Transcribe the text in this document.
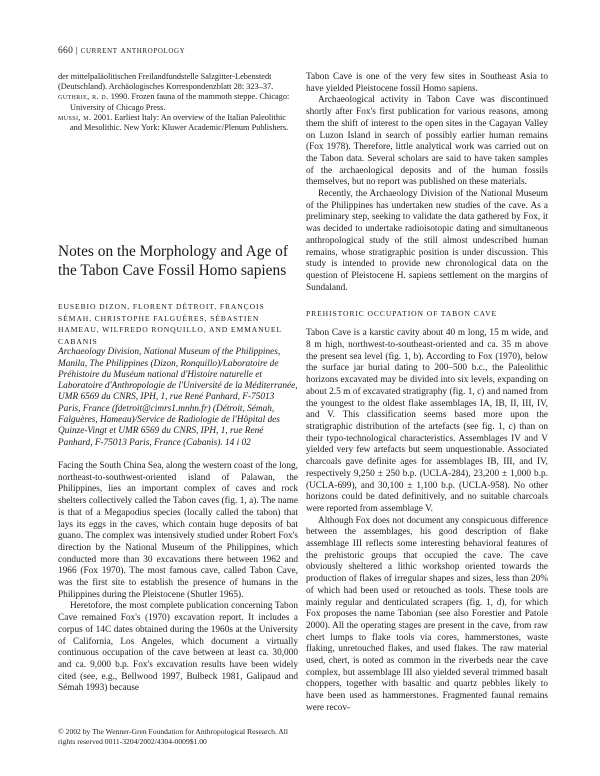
660 | current anthropology

der mittelpaläolitischen Freilandfundstelle Salzgitter-Lebenstedt (Deutschland). Archäologisches Korrespondenzblatt 28: 323–37.

guthrie, r. d. 1990. Frozen fauna of the mammoth steppe. Chicago: University of Chicago Press.

mussi, m. 2001. Earliest Italy: An overview of the Italian Paleolithic and Mesolithic. New York: Kluwer Academic/Plenum Publishers.

Notes on the Morphology and Age of the Tabon Cave Fossil Homo sapiens
EUSEBIO DIZON, FLORENT DÉTROIT, FRANÇOIS SÉMAH, CHRISTOPHE FALGUÈRES, SÉBASTIEN HAMEAU, WILFREDO RONQUILLO, AND EMMANUEL CABANIS
Archaeology Division, National Museum of the Philippines, Manila, The Philippines (Dizon, Ronquillo)/Laboratoire de Préhistoire du Muséum national d'Histoire naturelle et Laboratoire d'Anthropologie de l'Université de la Méditerranée, UMR 6569 du CNRS, IPH, 1, rue René Panhard, F-75013 Paris, France (fdetroit@cimrs1.mnhn.fr) (Détroit, Sémah, Falguères, Hameau)/Service de Radiologie de l'Hôpital des Quinze-Vingt et UMR 6569 du CNRS, IPH, 1, rue René Panhard, F-75013 Paris, France (Cabanis). 14 i 02

Facing the South China Sea, along the western coast of the long, northeast-to-southwest-oriented island of Palawan, the Philippines, lies an important complex of caves and rock shelters collectively called the Tabon caves (fig. 1, a). The name is that of a Megapodius species (locally called the tabon) that lays its eggs in the caves, which contain huge deposits of bat guano. The complex was intensively studied under Robert Fox's direction by the National Museum of the Philippines, which conducted more than 30 excavations there between 1962 and 1966 (Fox 1970). The most famous cave, called Tabon Cave, was the first site to establish the presence of humans in the Philippines during the Pleistocene (Shutler 1965).

Heretofore, the most complete publication concerning Tabon Cave remained Fox's (1970) excavation report. It includes a corpus of 14C dates obtained during the 1960s at the University of California, Los Angeles, which document a virtually continuous occupation of the cave between at least ca. 30,000 and ca. 9,000 b.p. Fox's excavation results have been widely cited (see, e.g., Bellwood 1997, Bulbeck 1981, Galipaud and Sémah 1993) because

© 2002 by The Wenner-Gren Foundation for Anthropological Research. All rights reserved 0011-3204/2002/4304-0009$1.00

Tabon Cave is one of the very few sites in Southeast Asia to have yielded Pleistocene fossil Homo sapiens.

Archaeological activity in Tabon Cave was discontinued shortly after Fox's first publication for various reasons, among them the shift of interest to the open sites in the Cagayan Valley on Luzon Island in search of possibly earlier human remains (Fox 1978). Therefore, little analytical work was carried out on the Tabon data. Several scholars are said to have taken samples of the archaeological deposits and of the human fossils themselves, but no report was published on these materials.

Recently, the Archaeology Division of the National Museum of the Philippines has undertaken new studies of the cave. As a preliminary step, seeking to validate the data gathered by Fox, it was decided to undertake radioisotopic dating and simultaneous anthropological study of the still almost undescribed human remains, whose stratigraphic position is under discussion. This study is intended to provide new chronological data on the question of Pleistocene H. sapiens settlement on the margins of Sundaland.

PREHISTORIC OCCUPATION OF TABON CAVE

Tabon Cave is a karstic cavity about 40 m long, 15 m wide, and 8 m high, northwest-to-southeast-oriented and ca. 35 m above the present sea level (fig. 1, b). According to Fox (1970), below the surface jar burial dating to 200–500 b.c., the Paleolithic horizons excavated may be divided into six levels, expanding on about 2.5 m of excavated stratigraphy (fig. 1, c) and named from the youngest to the oldest flake assemblages IA, IB, II, III, IV, and V. This classification seems based more upon the stratigraphic distribution of the artefacts (see fig. 1, c) than on their typo-technological characteristics. Assemblages IV and V yielded very few artefacts but seem unquestionable. Associated charcoals gave definite ages for assemblages IB, III, and IV, respectively 9,250 ± 250 b.p. (UCLA-284), 23,200 ± 1,000 b.p. (UCLA-699), and 30,100 ± 1,100 b.p. (UCLA-958). No other horizons could be dated definitively, and no suitable charcoals were reported from assemblage V.

Although Fox does not document any conspicuous difference between the assemblages, his good description of flake assemblage III reflects some interesting behavioral features of the prehistoric groups that occupied the cave. The cave obviously sheltered a lithic workshop oriented towards the production of flakes of irregular shapes and sizes, less than 20% of which had been used or retouched as tools. These tools are mainly regular and denticulated scrapers (fig. 1, d), for which Fox proposes the name Tabonian (see also Forestier and Patole 2000). All the operating stages are present in the cave, from raw chert lumps to flake tools via cores, hammerstones, waste flaking, unretouched flakes, and used flakes. The raw material used, chert, is noted as common in the riverbeds near the cave complex, but assemblage III also yielded several trimmed basalt choppers, together with basaltic and quartz pebbles likely to have been used as hammerstones. Fragmented faunal remains were recov-
